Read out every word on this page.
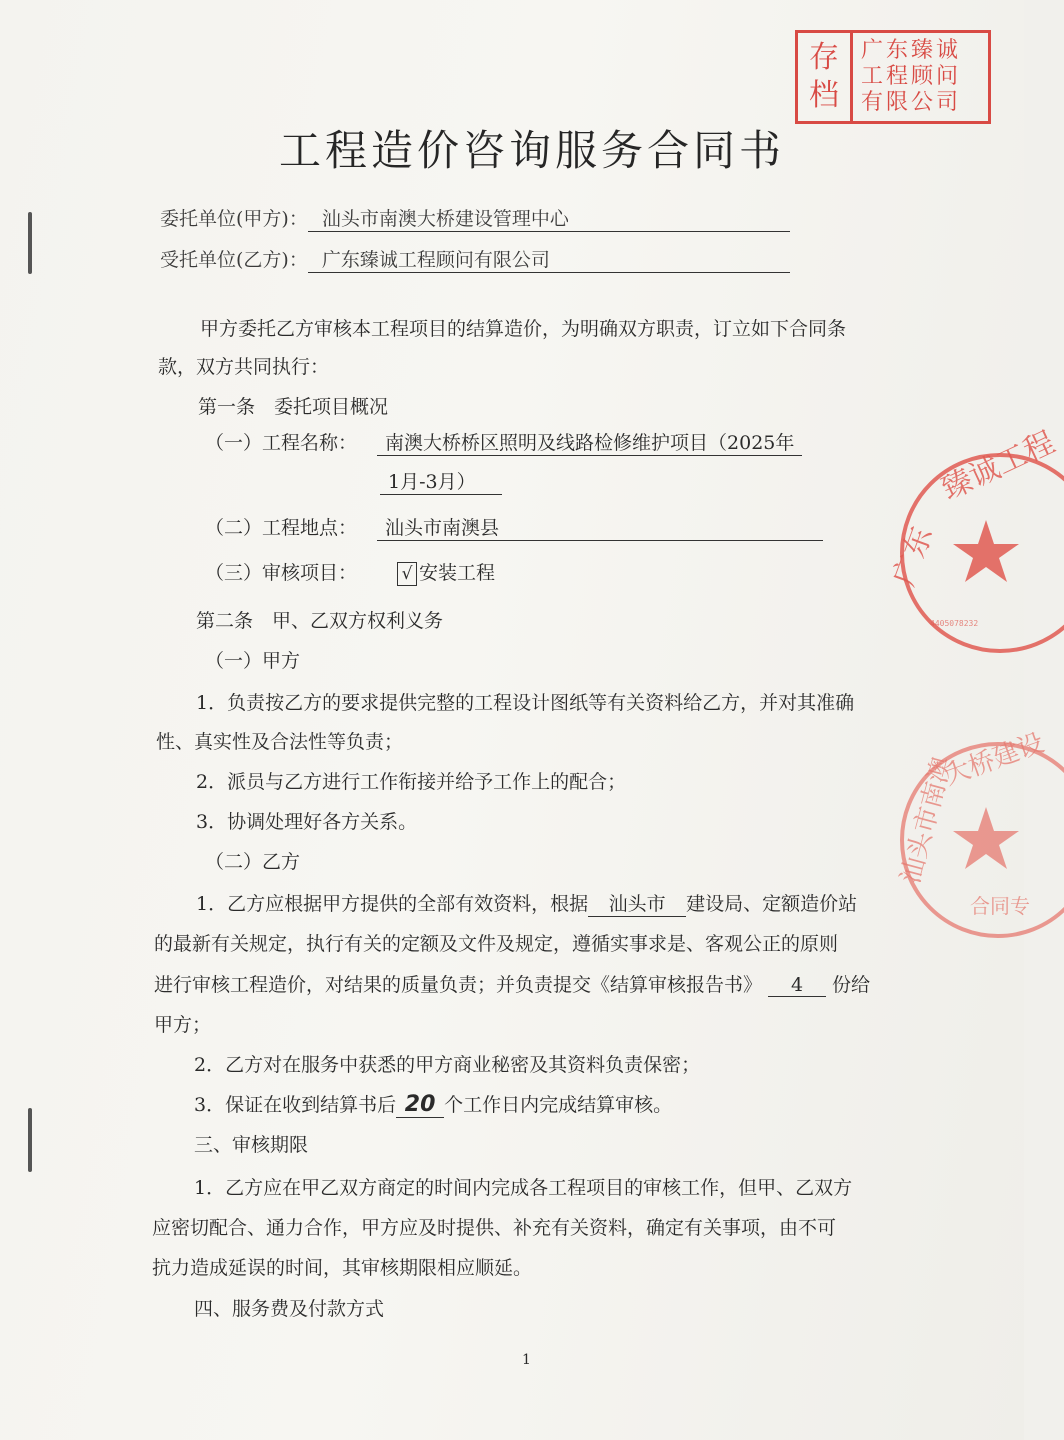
存
档
广东臻诚
工程顾问
有限公司
广东
臻诚工程
4405078232
汕头市南澳
大桥建设
合同专
工程造价咨询服务合同书
委托单位(甲方)： 汕头市南澳大桥建设管理中心
受托单位(乙方)： 广东臻诚工程顾问有限公司
甲方委托乙方审核本工程项目的结算造价，为明确双方职责，订立如下合同条
款，双方共同执行：
第一条　委托项目概况
（一）工程名称： 南澳大桥桥区照明及线路检修维护项目（2025年
1月-3月）
（二）工程地点： 汕头市南澳县
（三）审核项目：	√ 安装工程
第二条　甲、乙双方权利义务
（一）甲方
1．负责按乙方的要求提供完整的工程设计图纸等有关资料给乙方，并对其准确
性、真实性及合法性等负责；
2．派员与乙方进行工作衔接并给予工作上的配合；
3．协调处理好各方关系。
（二）乙方
1．乙方应根据甲方提供的全部有效资料，根据 汕头市 建设局、定额造价站
的最新有关规定，执行有关的定额及文件及规定，遵循实事求是、客观公正的原则
进行审核工程造价，对结果的质量负责；并负责提交《结算审核报告书》 4 份给
甲方；
2．乙方对在服务中获悉的甲方商业秘密及其资料负责保密；
3．保证在收到结算书后 20 个工作日内完成结算审核。
三、审核期限
1．乙方应在甲乙双方商定的时间内完成各工程项目的审核工作，但甲、乙双方
应密切配合、通力合作，甲方应及时提供、补充有关资料，确定有关事项，由不可
抗力造成延误的时间，其审核期限相应顺延。
四、服务费及付款方式
1
